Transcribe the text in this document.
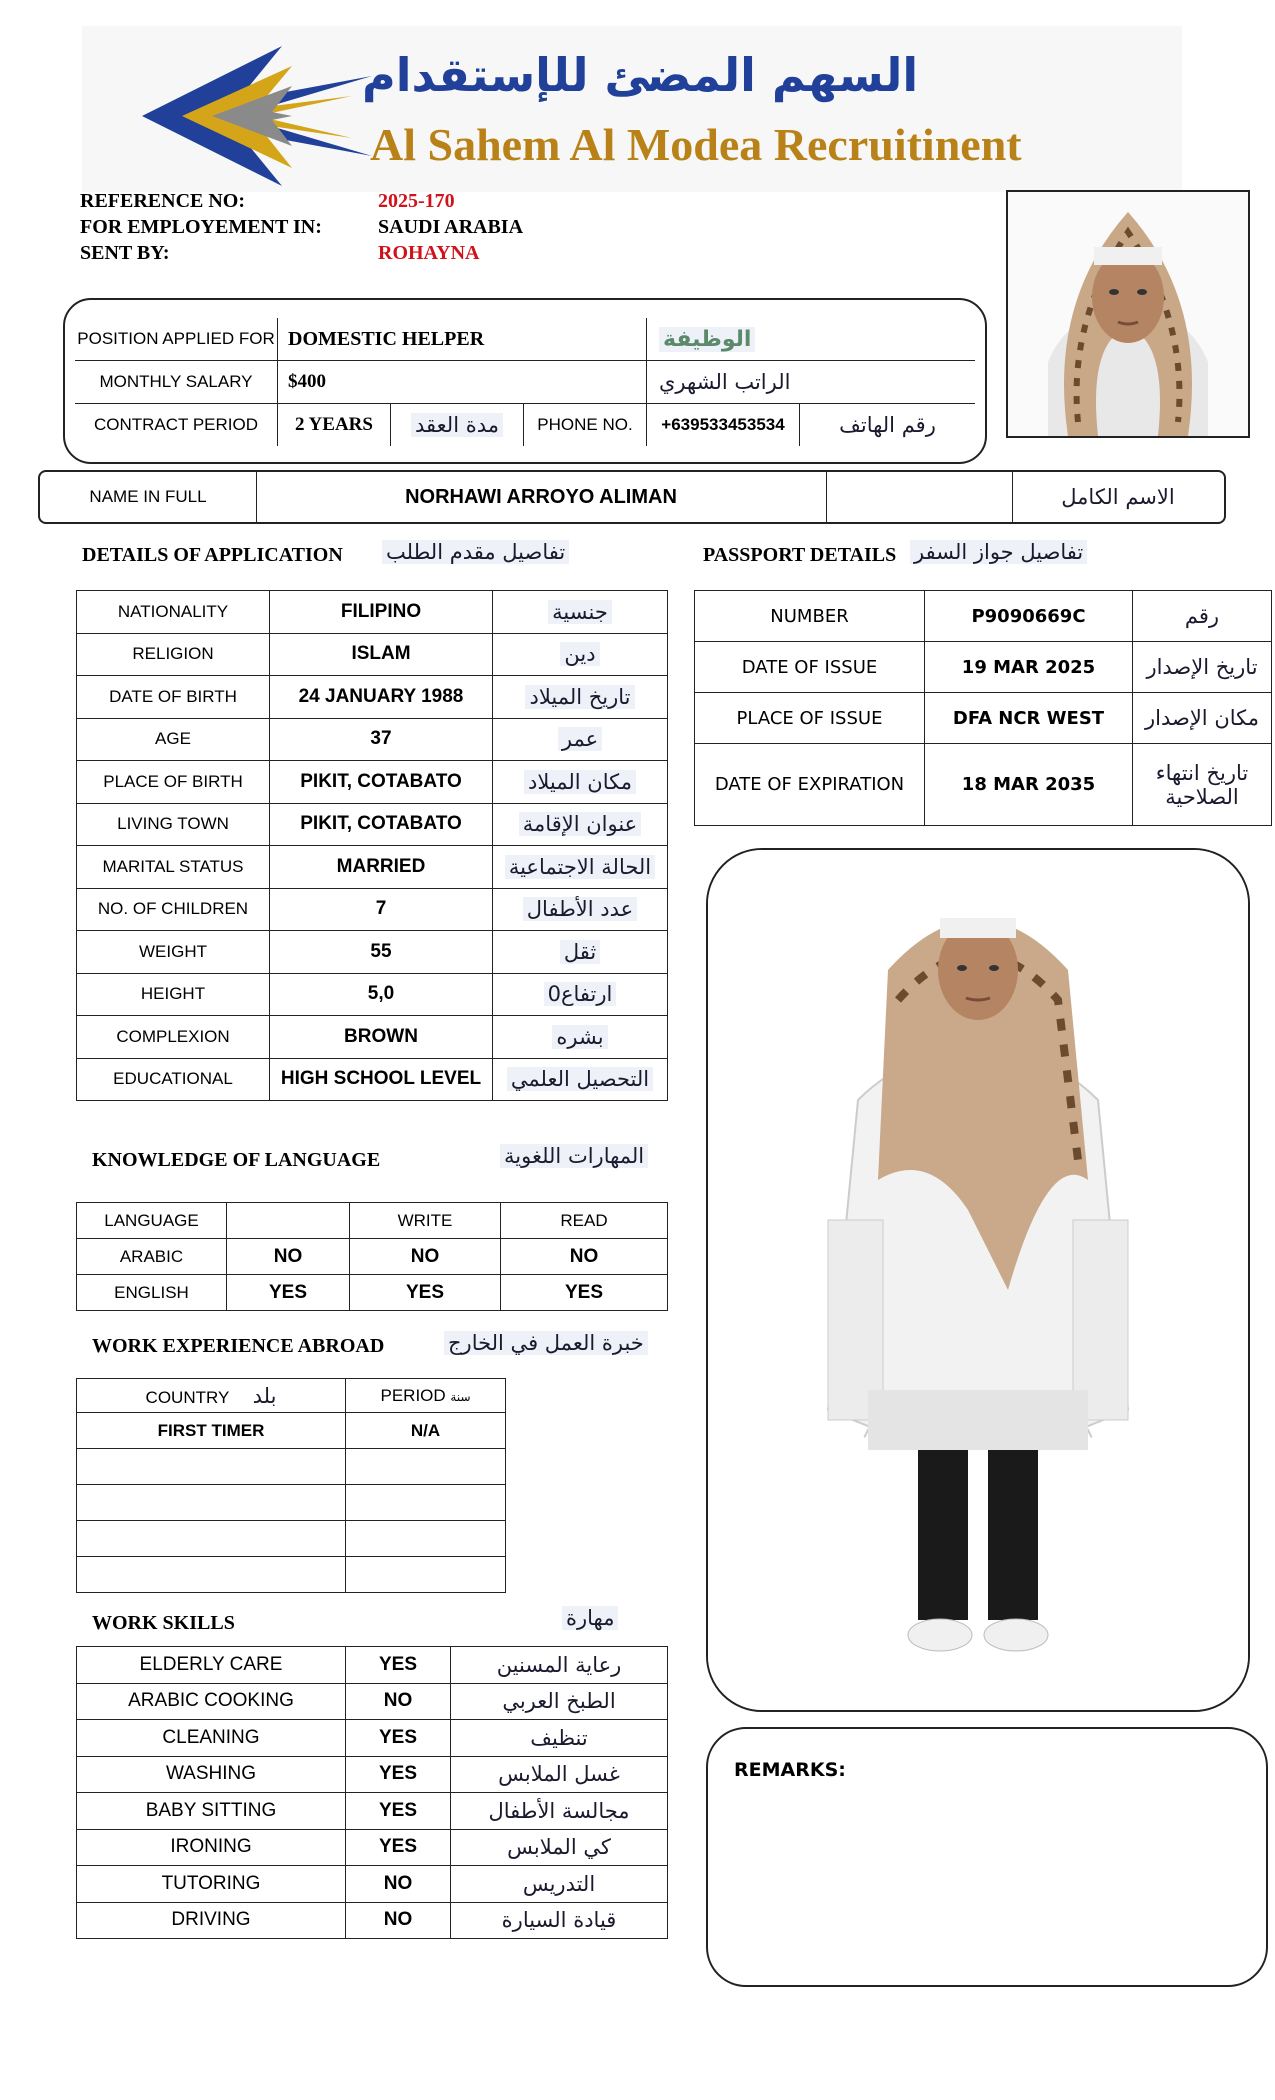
السهم المضئ للإستقدام
Al Sahem Al Modea Recruitinent
REFERENCE NO:	2025-170
FOR EMPLOYEMENT IN:	SAUDI ARABIA
SENT BY:	ROHAYNA
POSITION APPLIED FOR	DOMESTIC HELPER			الوظيفة	
MONTHLY SALARY	$400			الراتب الشهري	
CONTRACT PERIOD	2 YEARS	مدة العقد	PHONE NO.	+639533453534	رقم الهاتف
NAME IN FULL	NORHAWI ARROYO ALIMAN	الاسم الكامل
DETAILS OF APPLICATION تفاصيل مقدم الطلب
NATIONALITY	FILIPINO	جنسية
RELIGION	ISLAM	دين
DATE OF BIRTH	24 JANUARY 1988	تاريخ الميلاد
AGE	37	عمر
PLACE OF BIRTH	PIKIT, COTABATO	مكان الميلاد
LIVING TOWN	PIKIT, COTABATO	عنوان الإقامة
MARITAL STATUS	MARRIED	الحالة الاجتماعية
NO. OF CHILDREN	7	عدد الأطفال
WEIGHT	55	ثقل
HEIGHT	5,0	ارتفاع0
COMPLEXION	BROWN	بشره
EDUCATIONAL	HIGH SCHOOL LEVEL	التحصيل العلمي
PASSPORT DETAILS تفاصيل جواز السفر
NUMBER	P9090669C	رقم
DATE OF ISSUE	19 MAR 2025	تاريخ الإصدار
PLACE OF ISSUE	DFA NCR WEST	مكان الإصدار
DATE OF EXPIRATION	18 MAR 2035	تاريخ انتهاء الصلاحية
KNOWLEDGE OF LANGUAGE	المهارات اللغوية
LANGUAGE		WRITE	READ
ARABIC	NO	NO	NO
ENGLISH	YES	YES	YES
WORK EXPERIENCE ABROAD	خبرة العمل في الخارج
COUNTRY بلد	PERIOD سنة
FIRST TIMER	N/A

WORK SKILLS	مهارة
ELDERLY CARE	YES	رعاية المسنين
ARABIC COOKING	NO	الطبخ العربي
CLEANING	YES	تنظيف
WASHING	YES	غسل الملابس
BABY SITTING	YES	مجالسة الأطفال
IRONING	YES	كي الملابس
TUTORING	NO	التدريس
DRIVING	NO	قيادة السيارة
REMARKS:
